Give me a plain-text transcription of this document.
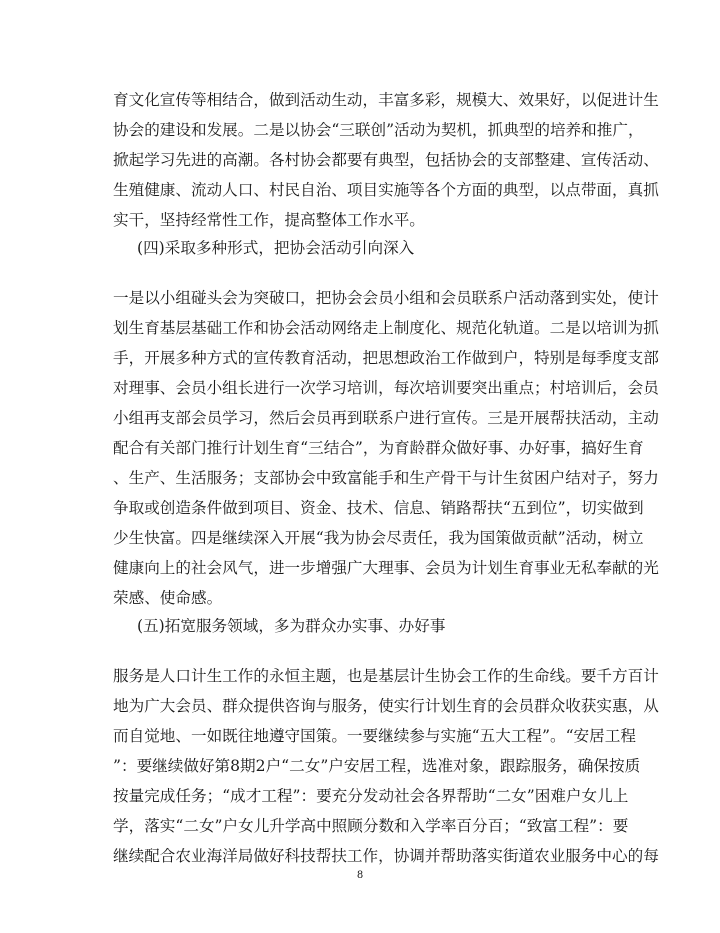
育文化宣传等相结合，做到活动生动，丰富多彩，规模大、效果好，以促进计生
协会的建设和发展。二是以协会“三联创”活动为契机，抓典型的培养和推广，
掀起学习先进的高潮。各村协会都要有典型，包括协会的支部整建、宣传活动、
生殖健康、流动人口、村民自治、项目实施等各个方面的典型，以点带面，真抓
实干，坚持经常性工作，提高整体工作水平。
(四)采取多种形式，把协会活动引向深入
一是以小组碰头会为突破口，把协会会员小组和会员联系户活动落到实处，使计
划生育基层基础工作和协会活动网络走上制度化、规范化轨道。二是以培训为抓
手，开展多种方式的宣传教育活动，把思想政治工作做到户，特别是每季度支部
对理事、会员小组长进行一次学习培训，每次培训要突出重点；村培训后，会员
小组再支部会员学习，然后会员再到联系户进行宣传。三是开展帮扶活动，主动
配合有关部门推行计划生育“三结合”，为育龄群众做好事、办好事，搞好生育
、生产、生活服务；支部协会中致富能手和生产骨干与计生贫困户结对子，努力
争取或创造条件做到项目、资金、技术、信息、销路帮扶“五到位”，切实做到
少生快富。四是继续深入开展“我为协会尽责任，我为国策做贡献”活动，树立
健康向上的社会风气，进一步增强广大理事、会员为计划生育事业无私奉献的光
荣感、使命感。
(五)拓宽服务领域，多为群众办实事、办好事
服务是人口计生工作的永恒主题，也是基层计生协会工作的生命线。要千方百计
地为广大会员、群众提供咨询与服务，使实行计划生育的会员群众收获实惠，从
而自觉地、一如既往地遵守国策。一要继续参与实施“五大工程”。“安居工程
”：要继续做好第8期2户“二女”户安居工程，选准对象，跟踪服务，确保按质
按量完成任务；“成才工程”：要充分发动社会各界帮助“二女”困难户女儿上
学，落实“二女”户女儿升学高中照顾分数和入学率百分百；“致富工程”：要
继续配合农业海洋局做好科技帮扶工作，协调并帮助落实街道农业服务中心的每
8
